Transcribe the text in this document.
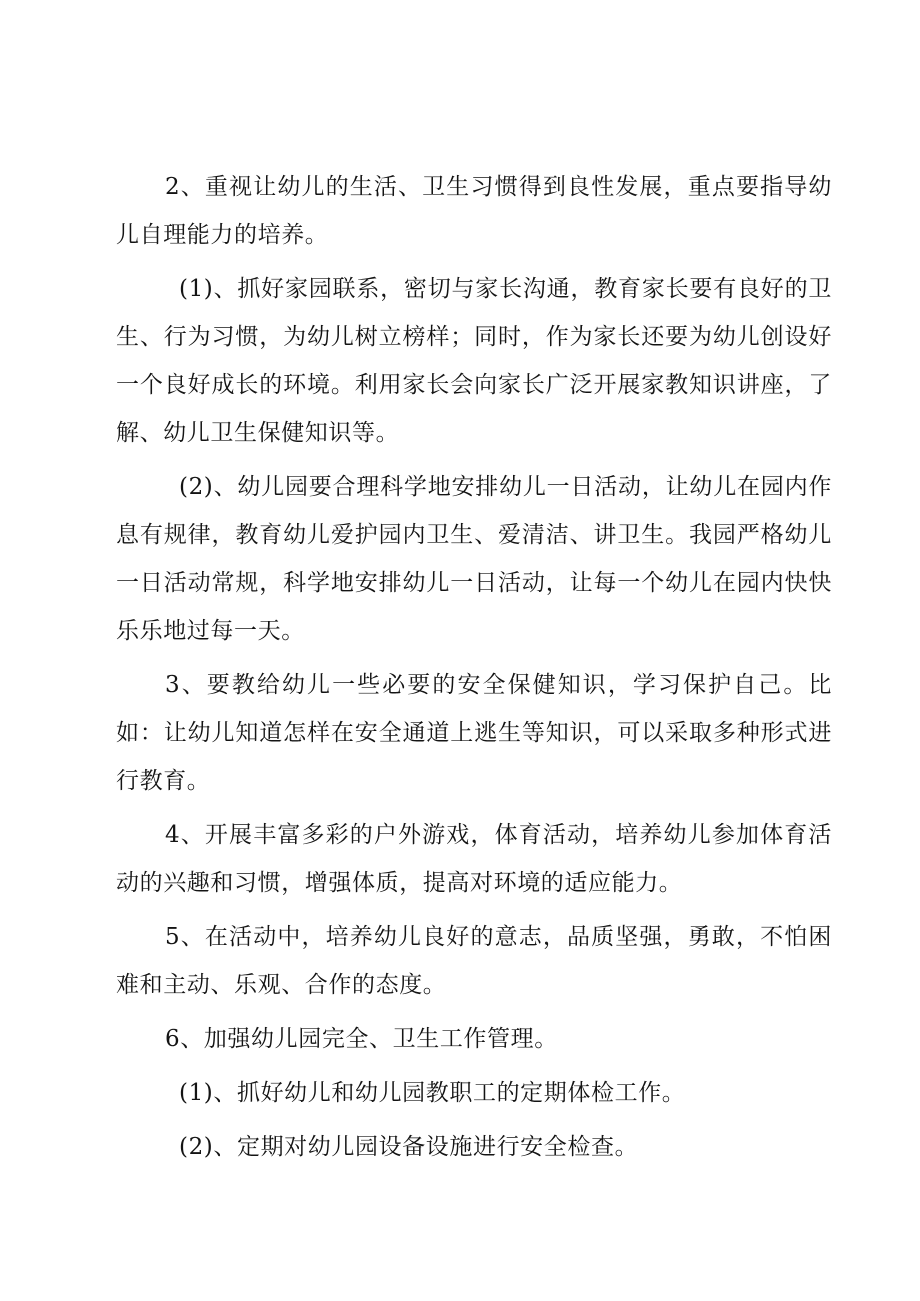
2、重视让幼儿的生活、卫生习惯得到良性发展，重点要指导幼儿自理能力的培养。

(1)、抓好家园联系，密切与家长沟通，教育家长要有良好的卫生、行为习惯，为幼儿树立榜样；同时，作为家长还要为幼儿创设好一个良好成长的环境。利用家长会向家长广泛开展家教知识讲座，了解、幼儿卫生保健知识等。

(2)、幼儿园要合理科学地安排幼儿一日活动，让幼儿在园内作息有规律，教育幼儿爱护园内卫生、爱清洁、讲卫生。我园严格幼儿一日活动常规，科学地安排幼儿一日活动，让每一个幼儿在园内快快乐乐地过每一天。

3、要教给幼儿一些必要的安全保健知识，学习保护自己。比如：让幼儿知道怎样在安全通道上逃生等知识，可以采取多种形式进行教育。

4、开展丰富多彩的户外游戏，体育活动，培养幼儿参加体育活动的兴趣和习惯，增强体质，提高对环境的适应能力。

5、在活动中，培养幼儿良好的意志，品质坚强，勇敢，不怕困难和主动、乐观、合作的态度。

6、加强幼儿园完全、卫生工作管理。

(1)、抓好幼儿和幼儿园教职工的定期体检工作。

(2)、定期对幼儿园设备设施进行安全检查。
